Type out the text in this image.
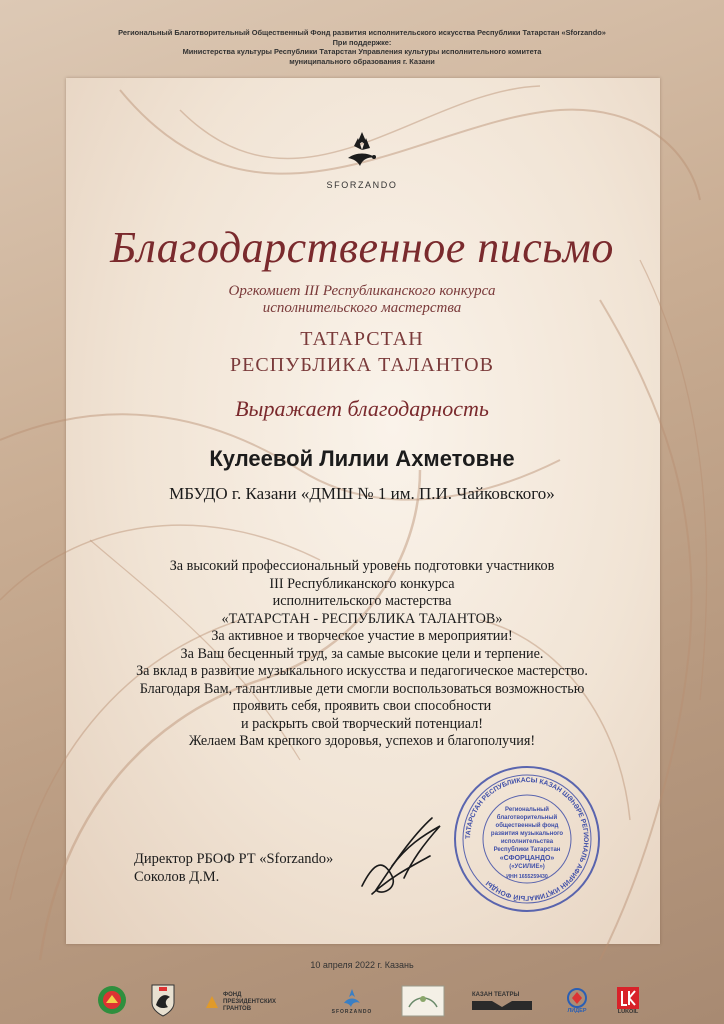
Региональный Благотворительный Общественный Фонд развития исполнительского искусства Республики Татарстан «Sforzando»
При поддержке:
Министерства культуры Республики Татарстан Управления культуры исполнительного комитета
муниципального образования г. Казани
SFORZANDO
Благодарственное письмо
Оргкомиет III Республиканского конкурса
исполнительского мастерства
ТАТАРСТАН
РЕСПУБЛИКА ТАЛАНТОВ
Выражает благодарность
Кулеевой Лилии Ахметовне
МБУДО г. Казани «ДМШ № 1 им. П.И. Чайковского»
За высокий профессиональный уровень подготовки участников
III Республиканского конкурса
исполнительского мастерства
«ТАТАРСТАН - РЕСПУБЛИКА ТАЛАНТОВ»
За активное и творческое участие в мероприятии!
За Ваш бесценный труд, за самые высокие цели и терпение.
За вклад в развитие музыкального искусства и педагогическое мастерство.
Благодаря Вам, талантливые дети смогли воспользоваться возможностью
проявить себя, проявить свои способности
и раскрыть свой творческий потенциал!
Желаем Вам крепкого здоровья, успехов и благополучия!
Директор РБОФ РТ «Sforzando»
Соколов Д.М.
ТАТАРСТАН РЕСПУБЛИКАСЫ КАЗАН ШӘҺӘРЕ РЕГИОНАЛЬ АФИРИН ИҖТИМАГЫЙ ФОНДЫ
Региональный
благотворительный
общественный фонд
развития музыкального
исполнительства
Республики Татарстан
«СФОРЦАНДО»
(«УСИЛИЕ»)
ИНН 1655259430
10 апреля 2022 г. Казань
ФОНД ПРЕЗИДЕНТСКИХ ГРАНТОВ	SFORZANDO
КАЗАН ТЕАТРЫ
ЛИДЕР	LUKOIL
